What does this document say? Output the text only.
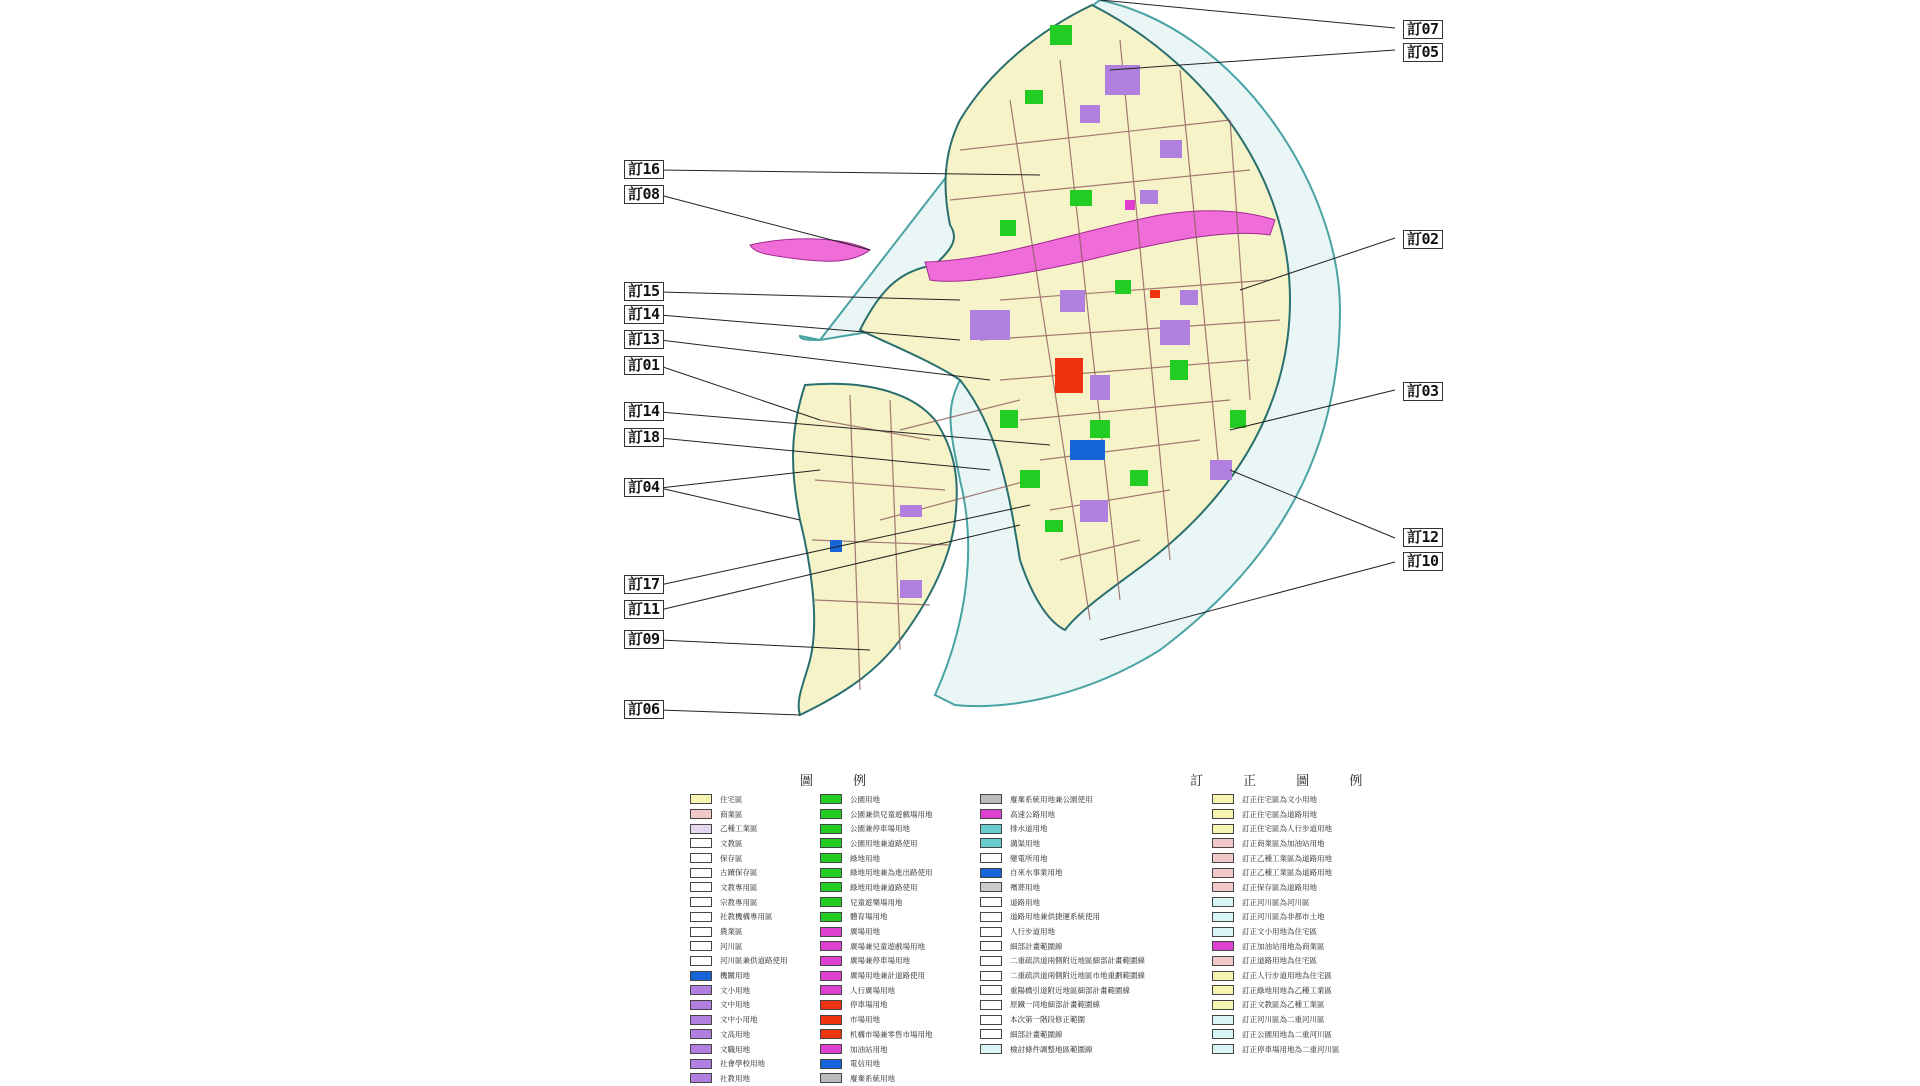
訂07
訂05
訂16
訂08
訂02
訂15
訂14
訂13
訂01
訂03
訂14
訂18
訂04
訂12
訂10
訂17
訂11
訂09
訂06
圖 例	訂 正 圖 例
住宅區
商業區
乙種工業區
文教區
保存區
古蹟保存區
文教專用區
宗教專用區
社教機構專用區
農業區
河川區
河川區兼供道路使用
機關用地
文小用地
文中用地
文中小用地
文高用地
文職用地
社會學校用地
社教用地
公園用地
公園兼供兒童遊戲場用地
公園兼停車場用地
公園用地兼道路使用
綠地用地
綠地用地兼為進出路使用
綠地用地兼道路使用
兒童遊樂場用地
體育場用地
廣場用地
廣場兼兒童遊戲場用地
廣場兼停車場用地
廣場用地兼計道路使用
人行廣場用地
停車場用地
市場用地
机構市場兼零售市場用地
加油站用地
電信用地
廢棄系統用地
廢棄系統用地兼公園使用
高速公路用地
排水道用地
溝渠用地
變電所用地
自來水事業用地
殯葬用地
道路用地
道路用地兼供捷運系統使用
人行步道用地
細部計畫範圍線
二重疏洪道兩側附近地區細部計畫範圍線
二重疏洪道兩側附近地區市地重劃範圍線
重陽橋引道附近地區細部計畫範圍線
原鐵一同地細部計畫範圍線
本次第一階段修正範圍
細部計畫範圍線
檢討條件調整地區範圍線
訂正住宅區為文小用地
訂正住宅區為道路用地
訂正住宅區為人行步道用地
訂正商業區為加油站用地
訂正乙種工業區為道路用地
訂正乙種工業區為道路用地
訂正保存區為道路用地
訂正河川區為河川區
訂正河川區為非都市土地
訂正文小用地為住宅區
訂正加油站用地為商業區
訂正道路用地為住宅區
訂正人行步道用地為住宅區
訂正綠地用地為乙種工業區
訂正文教區為乙種工業區
訂正河川區為二重河川區
訂正公園用地為二重河川區
訂正停車場用地為二重河川區
